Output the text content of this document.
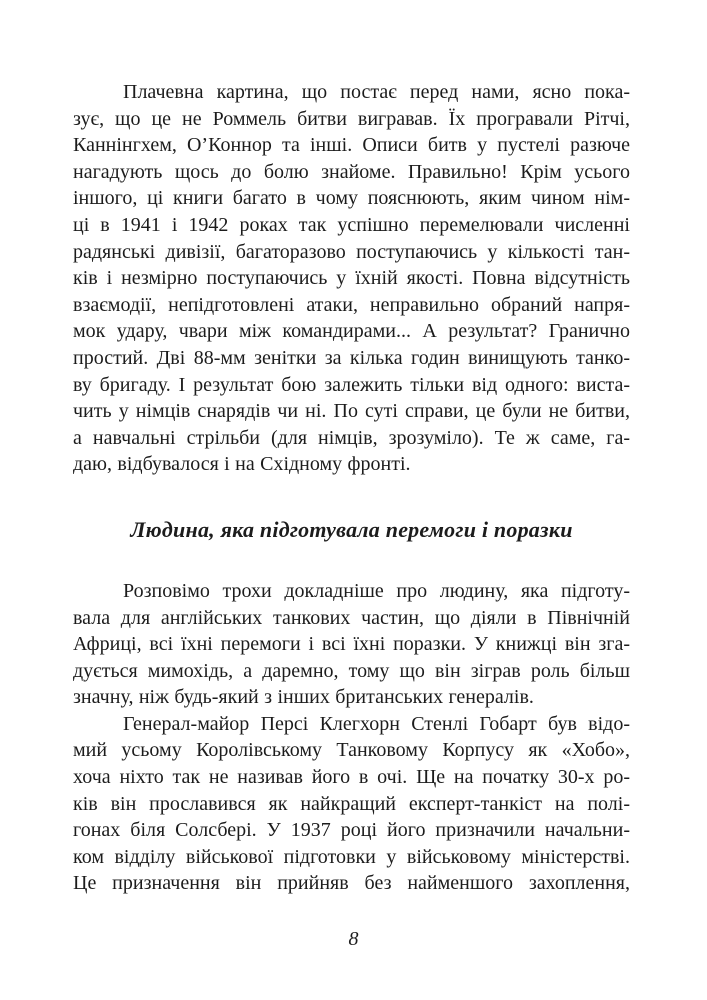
Плачевна картина, що постає перед нами, ясно пока-
зує, що це не Роммель битви вигравав. Їх програвали Рітчі,
Каннінгхем, О’Коннор та інші. Описи битв у пустелі разюче
нагадують щось до болю знайоме. Правильно! Крім усього
іншого, ці книги багато в чому пояснюють, яким чином нім-
ці в 1941 і 1942 роках так успішно перемелювали численні
радянські дивізії, багаторазово поступаючись у кількості тан-
ків і незмірно поступаючись у їхній якості. Повна відсутність
взаємодії, непідготовлені атаки, неправильно обраний напря-
мок удару, чвари між командирами... А результат? Гранично
простий. Дві 88-мм зенітки за кілька годин винищують танко-
ву бригаду. І результат бою залежить тільки від одного: виста-
чить у німців снарядів чи ні. По суті справи, це були не битви,
а навчальні стрільби (для німців, зрозуміло). Те ж саме, га-
даю, відбувалося і на Східному фронті.
Людина, яка підготувала перемоги і поразки
Розповімо трохи докладніше про людину, яка підготу-
вала для англійських танкових частин, що діяли в Північній
Африці, всі їхні перемоги і всі їхні поразки. У книжці він зга-
дується мимохідь, а даремно, тому що він зіграв роль більш
значну, ніж будь-який з інших британських генералів.
Генерал-майор Персі Клегхорн Стенлі Гобарт був відо-
мий усьому Королівському Танковому Корпусу як «Хобо»,
хоча ніхто так не називав його в очі. Ще на початку 30-х ро-
ків він прославився як найкращий експерт-танкіст на полі-
гонах біля Солсбері. У 1937 році його призначили начальни-
ком відділу військової підготовки у військовому міністерстві.
Це призначення він прийняв без найменшого захоплення,
8
